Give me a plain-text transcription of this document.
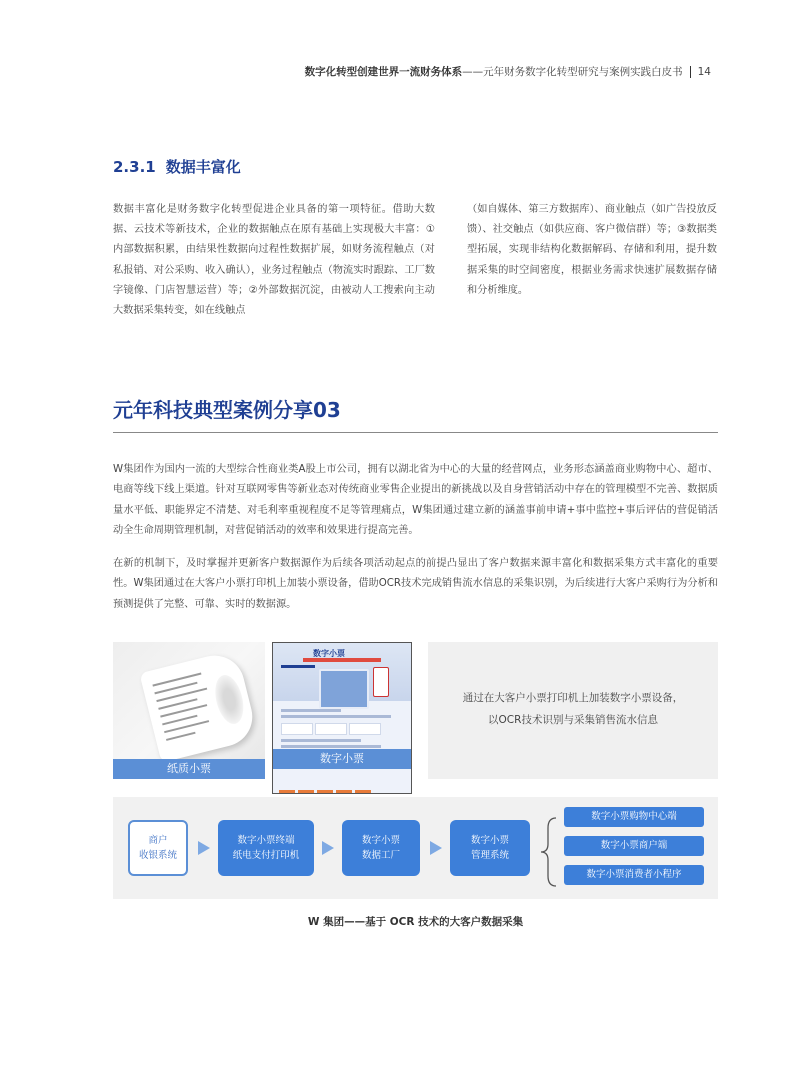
数字化转型创建世界一流财务体系——元年财务数字化转型研究与案例实践白皮书 14
2.3.1 数据丰富化
数据丰富化是财务数字化转型促进企业具备的第一项特征。借助大数据、云技术等新技术，企业的数据触点在原有基础上实现极大丰富：①内部数据积累，由结果性数据向过程性数据扩展，如财务流程触点（对私报销、对公采购、收入确认），业务过程触点（物流实时跟踪、工厂数字镜像、门店智慧运营）等；②外部数据沉淀，由被动人工搜索向主动大数据采集转变，如在线触点
（如自媒体、第三方数据库）、商业触点（如广告投放反馈）、社交触点（如供应商、客户微信群）等；③数据类型拓展，实现非结构化数据解码、存储和利用，提升数据采集的时空间密度，根据业务需求快速扩展数据存储和分析维度。
元年科技典型案例分享03
W集团作为国内一流的大型综合性商业类A股上市公司，拥有以湖北省为中心的大量的经营网点，业务形态涵盖商业购物中心、超市、电商等线下线上渠道。针对互联网零售等新业态对传统商业零售企业提出的新挑战以及自身营销活动中存在的管理模型不完善、数据质量水平低、职能界定不清楚、对毛利率重视程度不足等管理痛点，W集团通过建立新的涵盖事前申请+事中监控+事后评估的营促销活动全生命周期管理机制，对营促销活动的效率和效果进行提高完善。
在新的机制下，及时掌握并更新客户数据源作为后续各项活动起点的前提凸显出了客户数据来源丰富化和数据采集方式丰富化的重要性。W集团通过在大客户小票打印机上加装小票设备，借助OCR技术完成销售流水信息的采集识别，为后续进行大客户采购行为分析和预测提供了完整、可靠、实时的数据源。
纸质小票
数字小票
数字小票
通过在大客户小票打印机上加装数字小票设备，
以OCR技术识别与采集销售流水信息
商户
收银系统
数字小票终端
纸电支付打印机
数字小票
数据工厂
数字小票
管理系统
数字小票购物中心端
数字小票商户端
数字小票消费者小程序
W 集团——基于 OCR 技术的大客户数据采集
